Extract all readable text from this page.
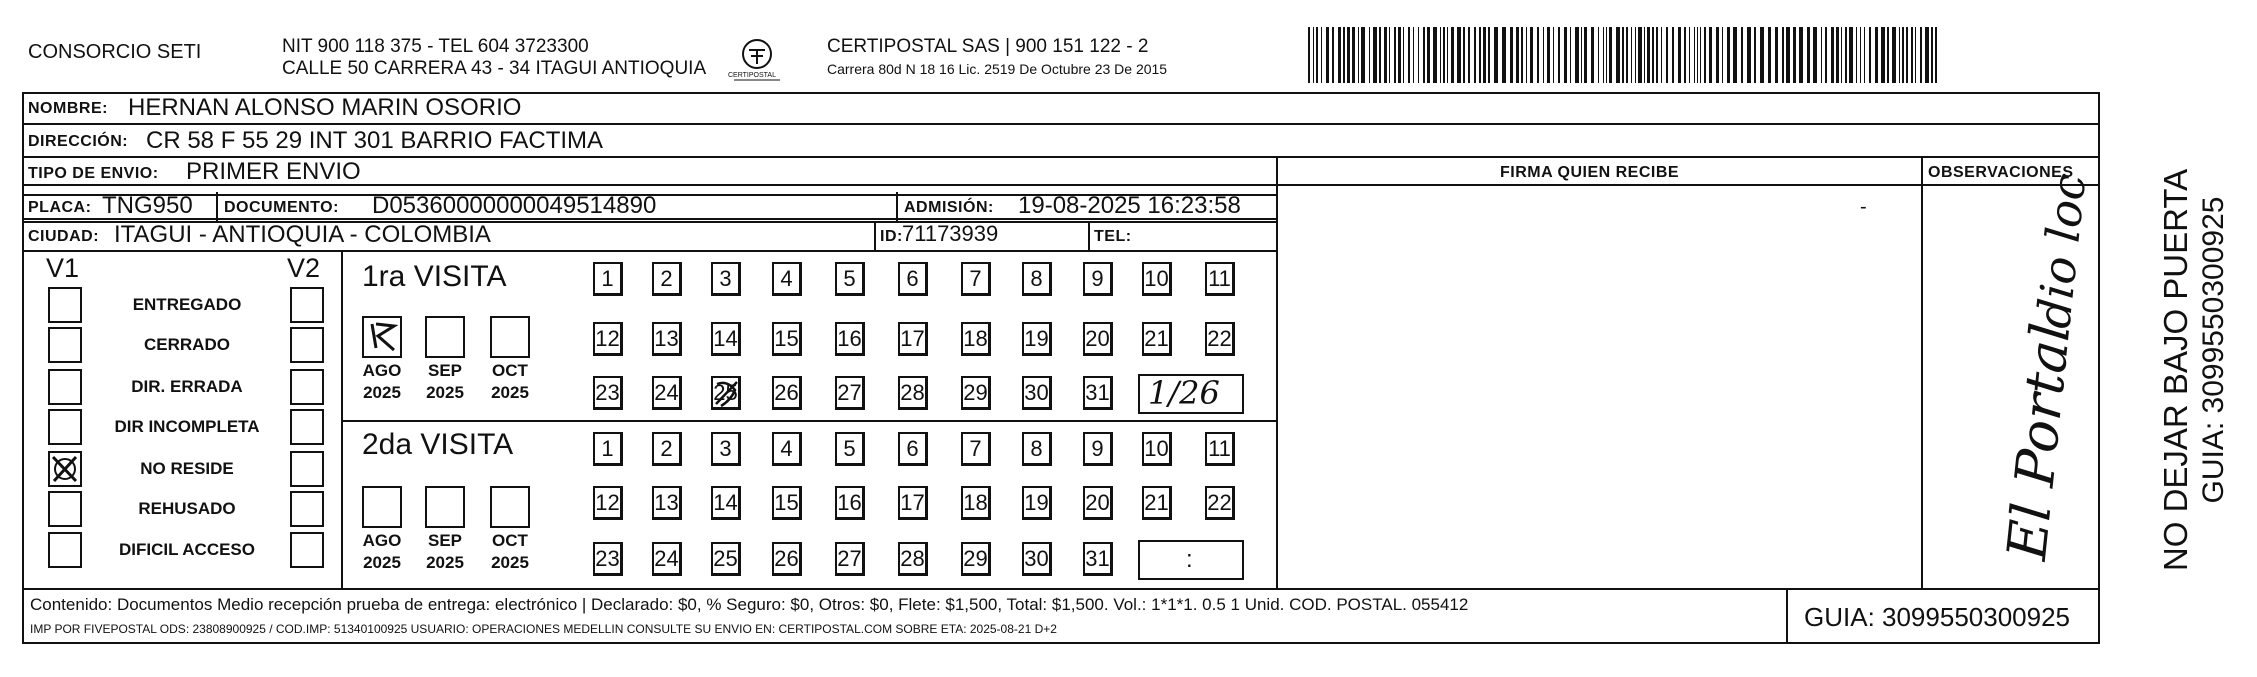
CONSORCIO SETI	NIT 900 118 375 - TEL 604 3723300
CALLE 50 CARRERA 43 - 34 ITAGUI ANTIOQUIA	CERTIPOSTAL
CERTIPOSTAL SAS | 900 151 122 - 2
Carrera 80d N 18 16 Lic. 2519 De Octubre 23 De 2015
NOMBRE: HERNAN ALONSO MARIN OSORIO
DIRECCIÓN: CR 58 F 55 29 INT 301 BARRIO FACTIMA
TIPO DE ENVIO: PRIMER ENVIO
PLACA: TNG950 DOCUMENTO: D05360000000049514890	ADMISIÓN: 19-08-2025 16:23:58
CIUDAD: ITAGUI - ANTIOQUIA - COLOMBIA	ID: 71173939	TEL:
FIRMA QUIEN RECIBE
-
OBSERVACIONES
El Portal
dio loc
V1	V2
ENTREGADO
CERRADO
DIR. ERRADA
DIR INCOMPLETA
NO RESIDE
REHUSADO
DIFICIL ACCESO
1ra VISITA
2da VISITA
AGO
2025
SEP
2025
OCT
2025
AGO
2025
SEP
2025
OCT
2025
1	2	3	4	5	6	7	8	9	10 11
12 13 14 15 16 17 18 19 20 21 22
23 24 25 26 27 28 29 30 31
1	2	3	4	5	6	7	8	9	10 11
12 13 14 15 16 17 18 19 20 21 22
23 24 25 26 27 28 29 30 31
1/26
:
Contenido: Documentos Medio recepción prueba de entrega: electrónico | Declarado: $0, % Seguro: $0, Otros: $0, Flete: $1,500, Total: $1,500. Vol.: 1*1*1. 0.5 1 Unid. COD. POSTAL. 055412
IMP POR FIVEPOSTAL ODS: 23808900925 / COD.IMP: 51340100925 USUARIO: OPERACIONES MEDELLIN CONSULTE SU ENVIO EN: CERTIPOSTAL.COM SOBRE ETA: 2025-08-21 D+2	GUIA: 3099550300925
NO DEJAR BAJO PUERTA GUIA: 3099550300925
